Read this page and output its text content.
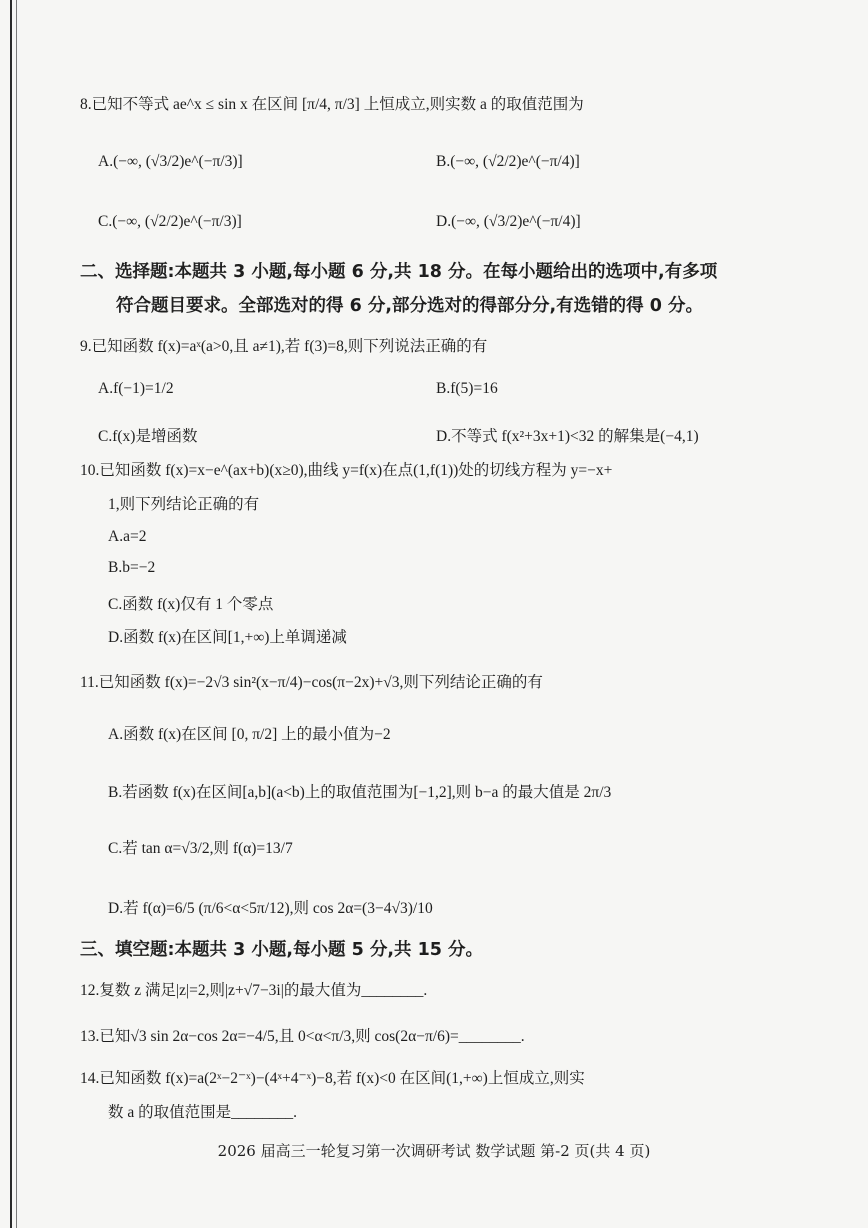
8.已知不等式 ae^x ≤ sin x 在区间 [π/4, π/3] 上恒成立,则实数 a 的取值范围为
A.(−∞, (√3/2)e^(−π/3)]	B.(−∞, (√2/2)e^(−π/4)]
C.(−∞, (√2/2)e^(−π/3)]	D.(−∞, (√3/2)e^(−π/4)]
二、选择题:本题共 3 小题,每小题 6 分,共 18 分。在每小题给出的选项中,有多项
符合题目要求。全部选对的得 6 分,部分选对的得部分分,有选错的得 0 分。
9.已知函数 f(x)=aˣ(a>0,且 a≠1),若 f(3)=8,则下列说法正确的有
A.f(−1)=1/2	B.f(5)=16
C.f(x)是增函数	D.不等式 f(x²+3x+1)<32 的解集是(−4,1)
10.已知函数 f(x)=x−e^(ax+b)(x≥0),曲线 y=f(x)在点(1,f(1))处的切线方程为 y=−x+
1,则下列结论正确的有
A.a=2
B.b=−2
C.函数 f(x)仅有 1 个零点
D.函数 f(x)在区间[1,+∞)上单调递减
11.已知函数 f(x)=−2√3 sin²(x−π/4)−cos(π−2x)+√3,则下列结论正确的有
A.函数 f(x)在区间 [0, π/2] 上的最小值为−2
B.若函数 f(x)在区间[a,b](a<b)上的取值范围为[−1,2],则 b−a 的最大值是 2π/3
C.若 tan α=√3/2,则 f(α)=13/7
D.若 f(α)=6/5 (π/6<α<5π/12),则 cos 2α=(3−4√3)/10
三、填空题:本题共 3 小题,每小题 5 分,共 15 分。
12.复数 z 满足|z|=2,则|z+√7−3i|的最大值为________.
13.已知√3 sin 2α−cos 2α=−4/5,且 0<α<π/3,则 cos(2α−π/6)=________.
14.已知函数 f(x)=a(2ˣ−2⁻ˣ)−(4ˣ+4⁻ˣ)−8,若 f(x)<0 在区间(1,+∞)上恒成立,则实
数 a 的取值范围是________.
2026 届高三一轮复习第一次调研考试 数学试题 第-2 页(共 4 页)
